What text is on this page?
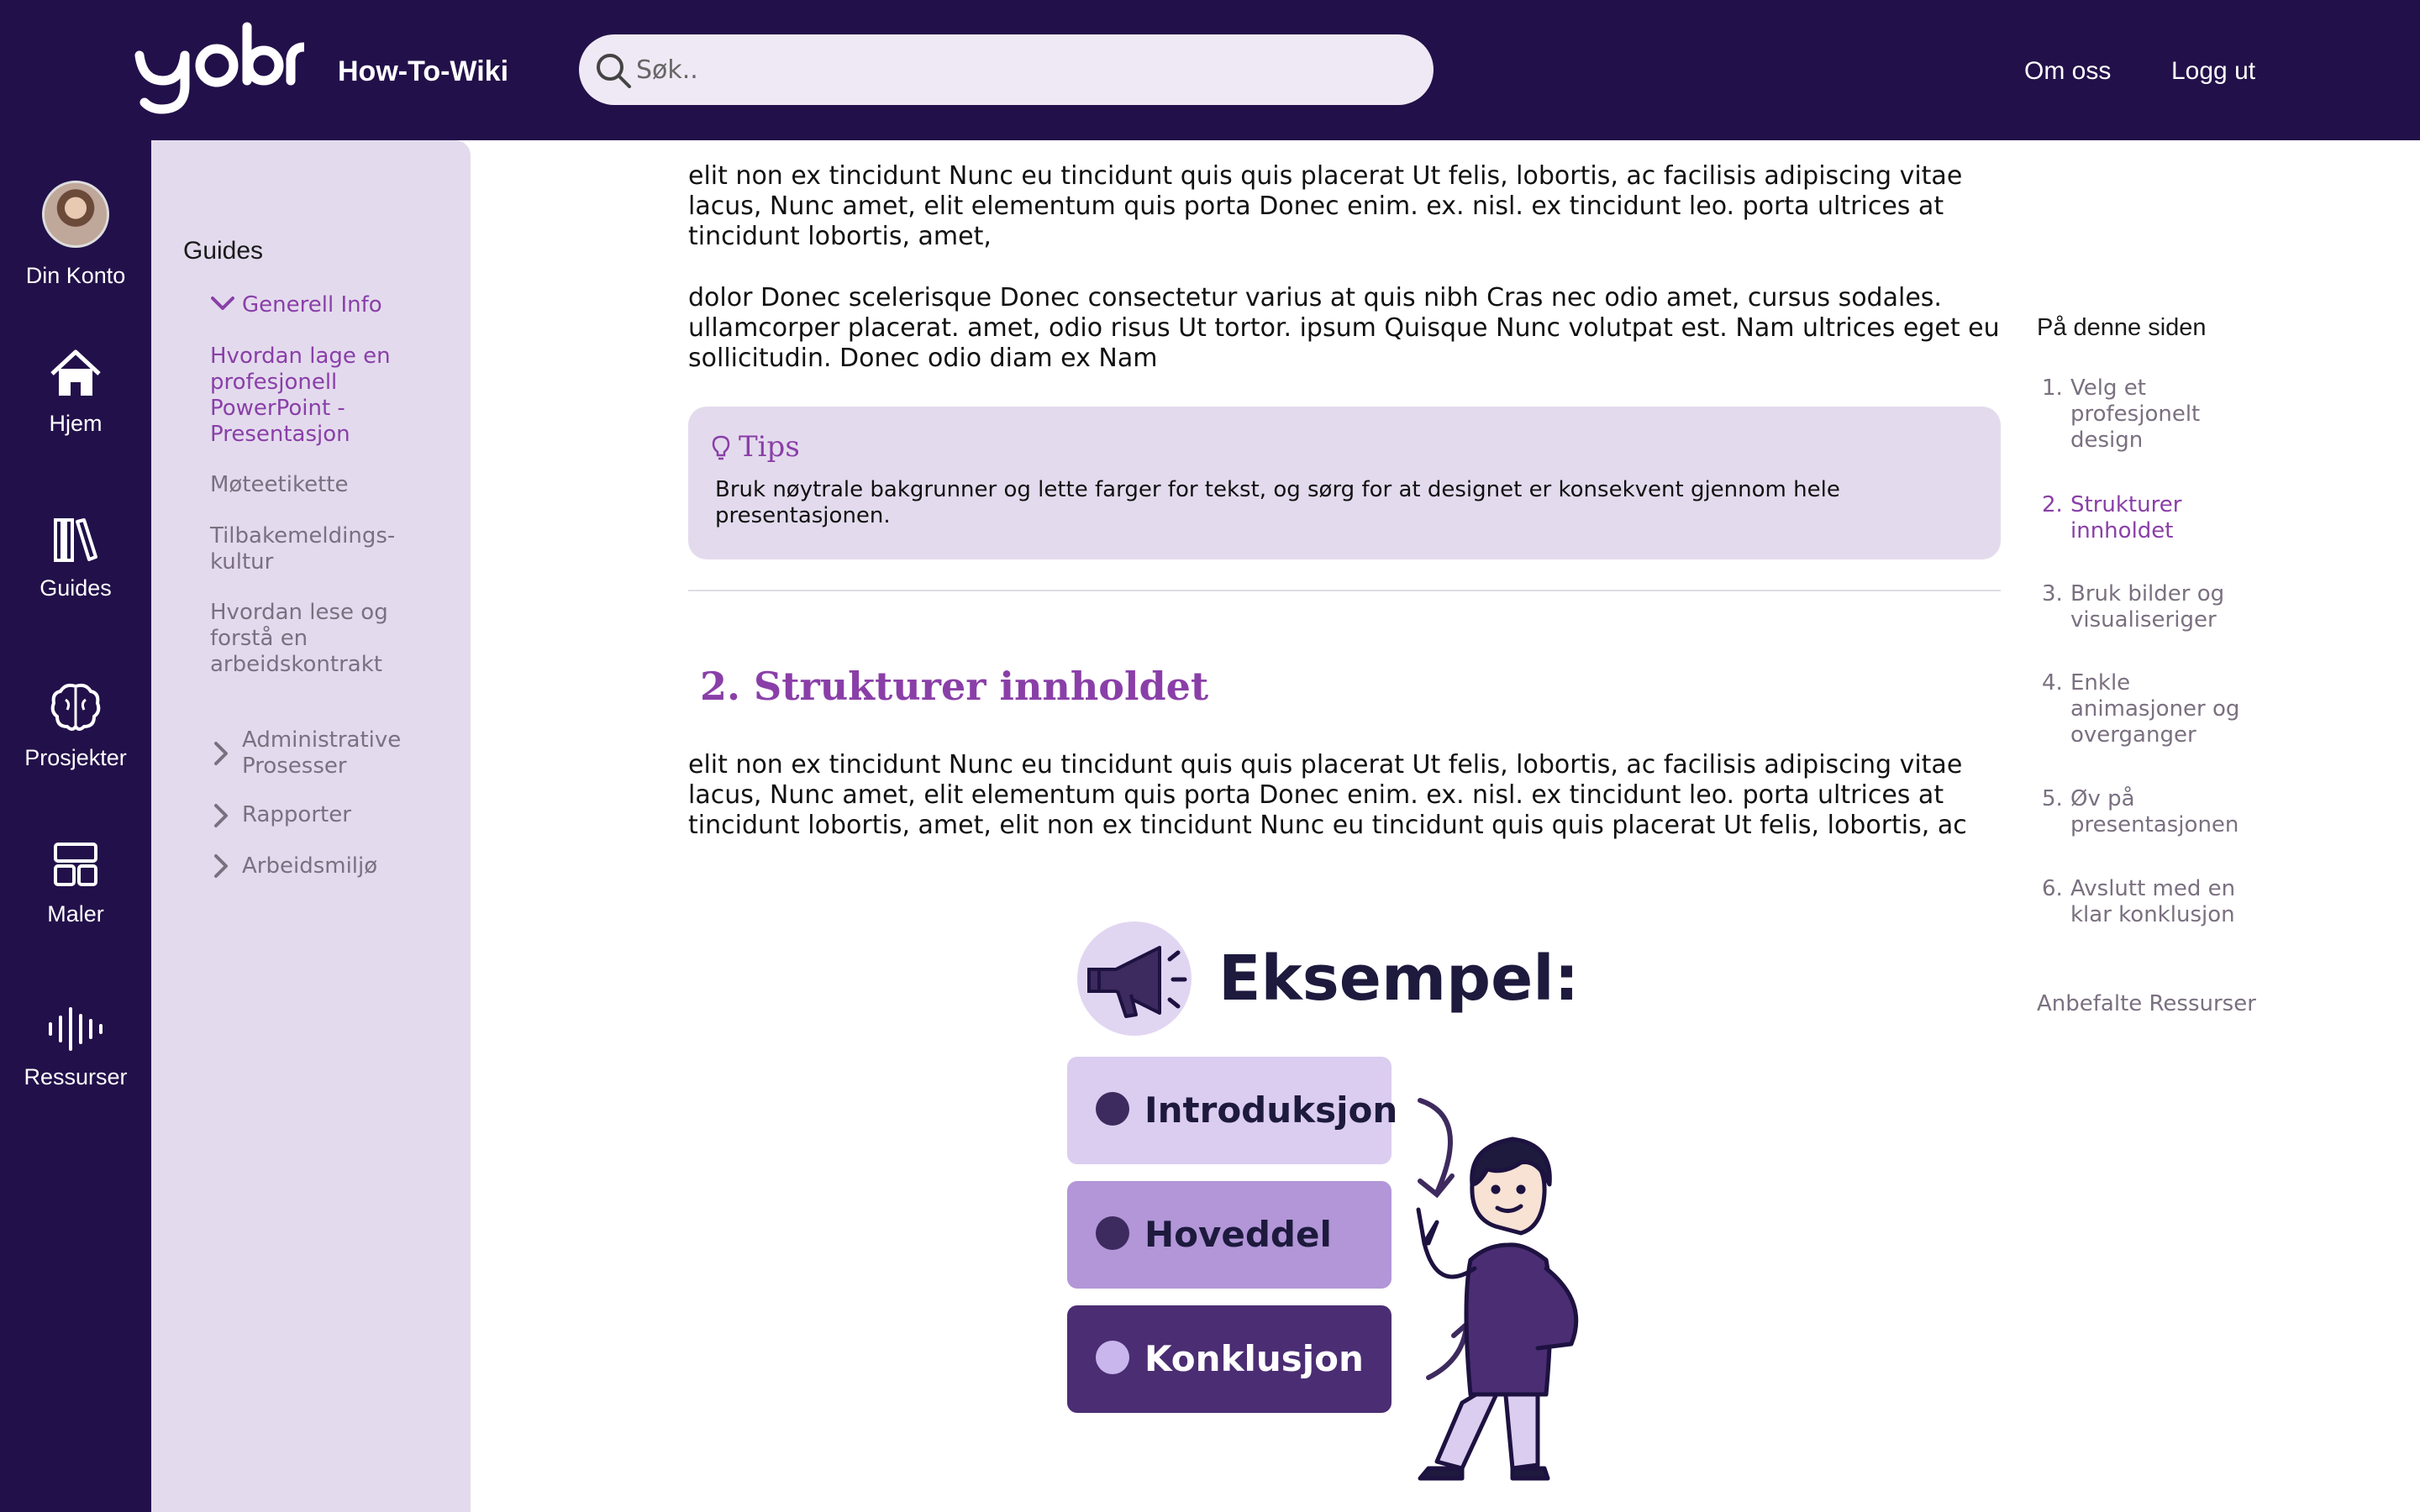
How-To-Wiki
Søk..	Om oss Logg ut
Din Konto
Hjem
Guides
Prosjekter
Maler
Ressurser
Guides
Generell Info
Hvordan lage en profesjonell PowerPoint - Presentasjon
Møteetikette
Tilbakemeldings-kultur
Hvordan lese og forstå en arbeidskontrakt
Administrative Prosesser
Rapporter
Arbeidsmiljø
elit non ex tincidunt Nunc eu tincidunt quis quis placerat Ut felis, lobortis, ac facilisis adipiscing vitae lacus, Nunc amet, elit elementum quis porta Donec enim. ex. nisl. ex tincidunt leo. porta ultrices at tincidunt lobortis, amet,
dolor Donec scelerisque Donec consectetur varius at quis nibh Cras nec odio amet, cursus sodales. ullamcorper placerat. amet, odio risus Ut tortor. ipsum Quisque Nunc volutpat est. Nam ultrices eget eu sollicitudin. Donec odio diam ex Nam
Tips
Bruk nøytrale bakgrunner og lette farger for tekst, og sørg for at designet er konsekvent gjennom hele presentasjonen.
2. Strukturer innholdet
elit non ex tincidunt Nunc eu tincidunt quis quis placerat Ut felis, lobortis, ac facilisis adipiscing vitae lacus, Nunc amet, elit elementum quis porta Donec enim. ex. nisl. ex tincidunt leo. porta ultrices at tincidunt lobortis, amet, elit non ex tincidunt Nunc eu tincidunt quis quis placerat Ut felis, lobortis, ac
Eksempel:
Introduksjon
Hoveddel
Konklusjon
På denne siden
1. Velg et profesjonelt design
2. Strukturer innholdet
3. Bruk bilder og visualiseriger
4. Enkle animasjoner og overganger
5. Øv på presentasjonen
6. Avslutt med en klar konklusjon
Anbefalte Ressurser
